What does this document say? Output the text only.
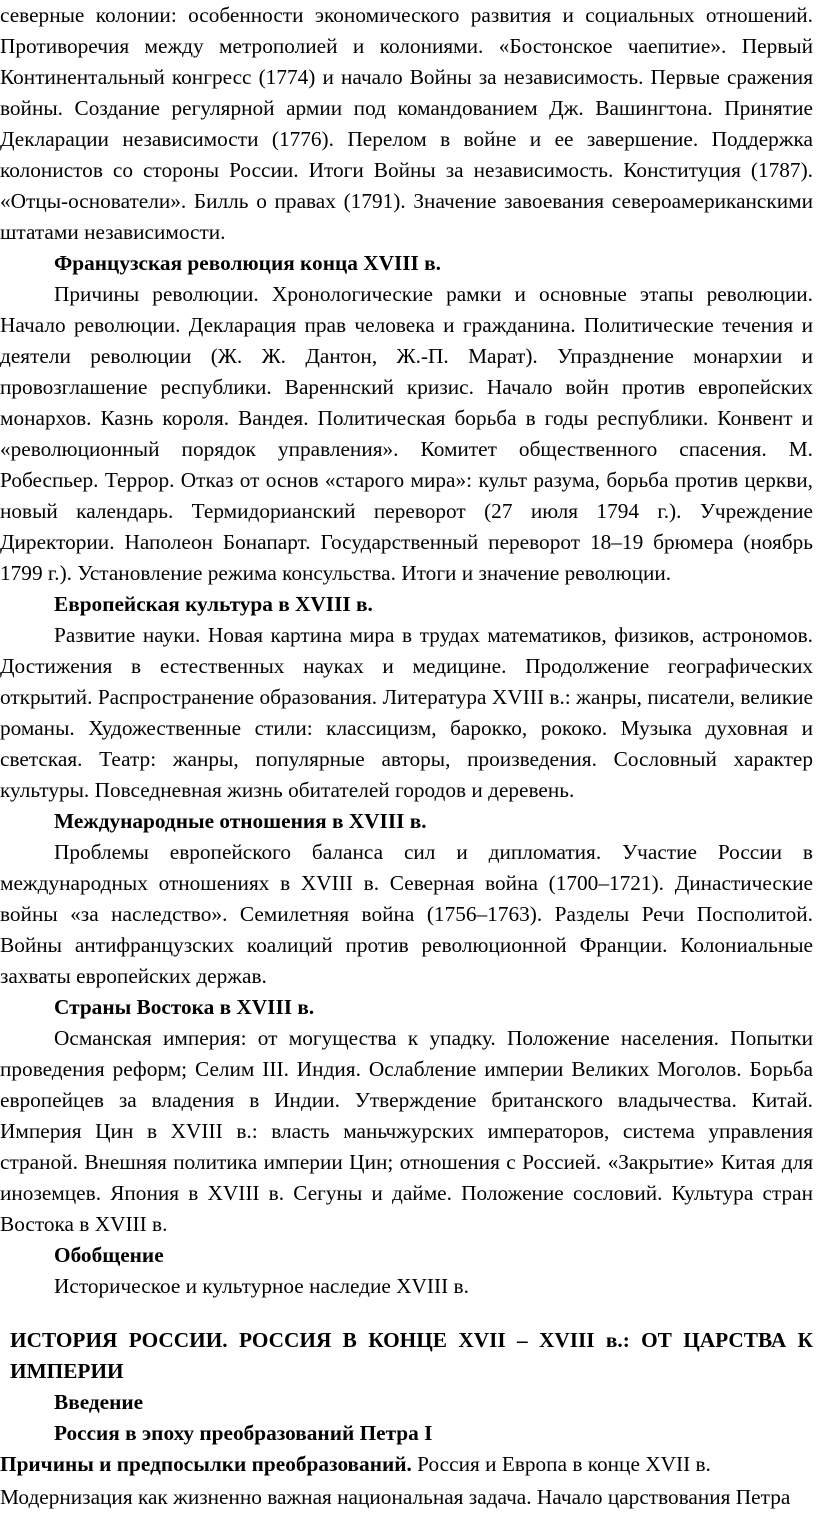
северные колонии: особенности экономического развития и социальных отношений. Противоречия между метрополией и колониями. «Бостонское чаепитие». Первый Континентальный конгресс (1774) и начало Войны за независимость. Первые сражения войны. Создание регулярной армии под командованием Дж. Вашингтона. Принятие Декларации независимости (1776). Перелом в войне и ее завершение. Поддержка колонистов со стороны России. Итоги Войны за независимость. Конституция (1787). «Отцы-основатели». Билль о правах (1791). Значение завоевания североамериканскими штатами независимости.

Французская революция конца XVIII в.

Причины революции. Хронологические рамки и основные этапы революции. Начало революции. Декларация прав человека и гражданина. Политические течения и деятели революции (Ж. Ж. Дантон, Ж.-П. Марат). Упразднение монархии и провозглашение республики. Вареннский кризис. Начало войн против европейских монархов. Казнь короля. Вандея. Политическая борьба в годы республики. Конвент и «революционный порядок управления». Комитет общественного спасения. М. Робеспьер. Террор. Отказ от основ «старого мира»: культ разума, борьба против церкви, новый календарь. Термидорианский переворот (27 июля 1794 г.). Учреждение Директории. Наполеон Бонапарт. Государственный переворот 18–19 брюмера (ноябрь 1799 г.). Установление режима консульства. Итоги и значение революции.

Европейская культура в XVIII в.

Развитие науки. Новая картина мира в трудах математиков, физиков, астрономов. Достижения в естественных науках и медицине. Продолжение географических открытий. Распространение образования. Литература XVIII в.: жанры, писатели, великие романы. Художественные стили: классицизм, барокко, рококо. Музыка духовная и светская. Театр: жанры, популярные авторы, произведения. Сословный характер культуры. Повседневная жизнь обитателей городов и деревень.

Международные отношения в XVIII в.

Проблемы европейского баланса сил и дипломатия. Участие России в международных отношениях в XVIII в. Северная война (1700–1721). Династические войны «за наследство». Семилетняя война (1756–1763). Разделы Речи Посполитой. Войны антифранцузских коалиций против революционной Франции. Колониальные захваты европейских держав.

Страны Востока в XVIII в.

Османская империя: от могущества к упадку. Положение населения. Попытки проведения реформ; Селим III. Индия. Ослабление империи Великих Моголов. Борьба европейцев за владения в Индии. Утверждение британского владычества. Китай. Империя Цин в XVIII в.: власть маньчжурских императоров, система управления страной. Внешняя политика империи Цин; отношения с Россией. «Закрытие» Китая для иноземцев. Япония в XVIII в. Сегуны и дайме. Положение сословий. Культура стран Востока в XVIII в.

Обобщение

Историческое и культурное наследие XVIII в.

ИСТОРИЯ РОССИИ. РОССИЯ В КОНЦЕ XVII – XVIII в.: ОТ ЦАРСТВА К ИМПЕРИИ

Введение

Россия в эпоху преобразований Петра I

Причины и предпосылки преобразований. Россия и Европа в конце XVII в.

Модернизация как жизненно важная национальная задача. Начало царствования Петра
